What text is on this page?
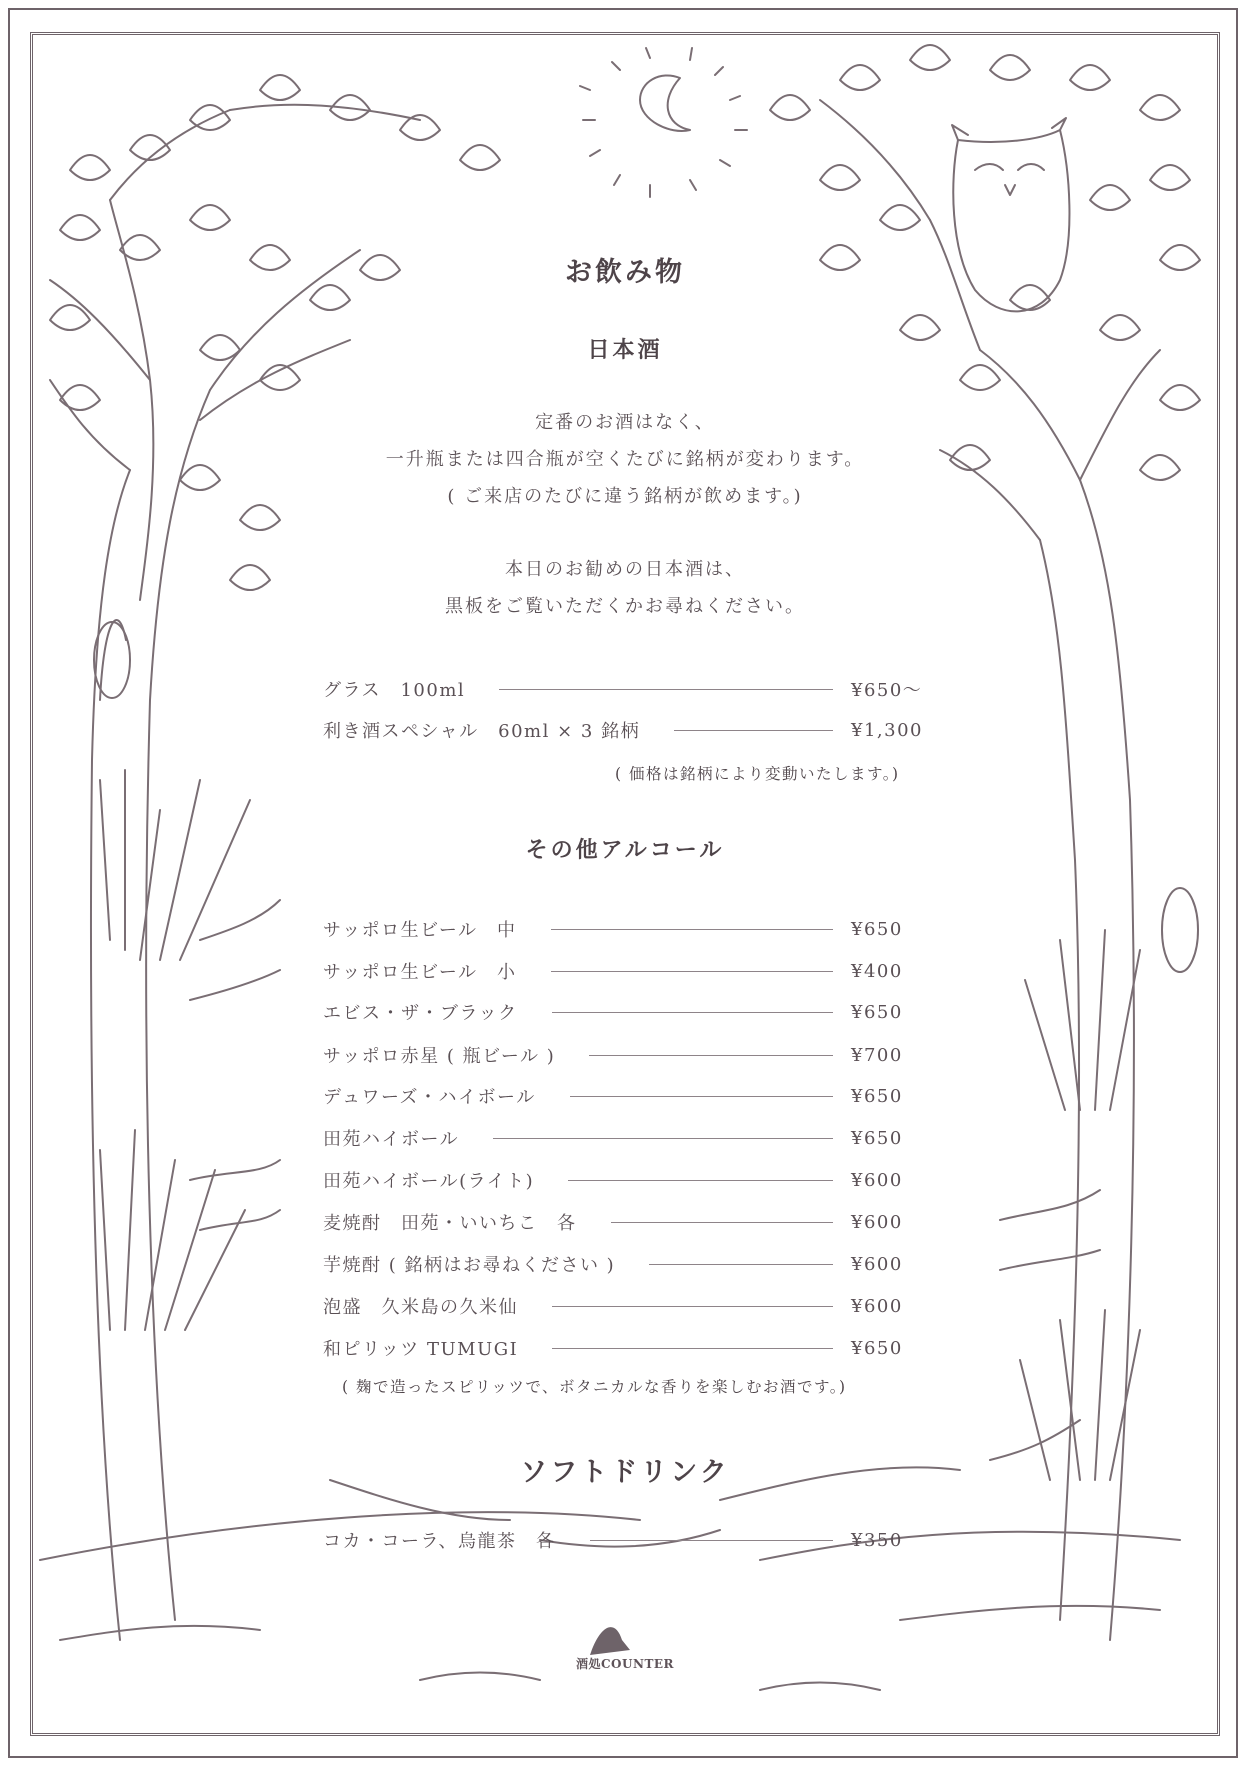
お飲み物
日本酒
定番のお酒はなく、
一升瓶または四合瓶が空くたびに銘柄が変わります。
( ご来店のたびに違う銘柄が飲めます。)
本日のお勧めの日本酒は、
黒板をご覧いただくかお尋ねください。
グラス　100ml	¥650〜
利き酒スペシャル　60ml × 3 銘柄	¥1,300
( 価格は銘柄により変動いたします。)
その他アルコール
サッポロ生ビール　中	¥650
サッポロ生ビール　小	¥400
エビス・ザ・ブラック	¥650
サッポロ赤星 ( 瓶ビール )	¥700
デュワーズ・ハイボール	¥650
田苑ハイボール	¥650
田苑ハイボール(ライト)	¥600
麦焼酎　田苑・いいちこ　各	¥600
芋焼酎 ( 銘柄はお尋ねください )	¥600
泡盛　久米島の久米仙	¥600
和ピリッツ TUMUGI	¥650
( 麹で造ったスピリッツで、ボタニカルな香りを楽しむお酒です。)
ソフトドリンク
コカ・コーラ、烏龍茶　各	¥350
酒処COUNTER
